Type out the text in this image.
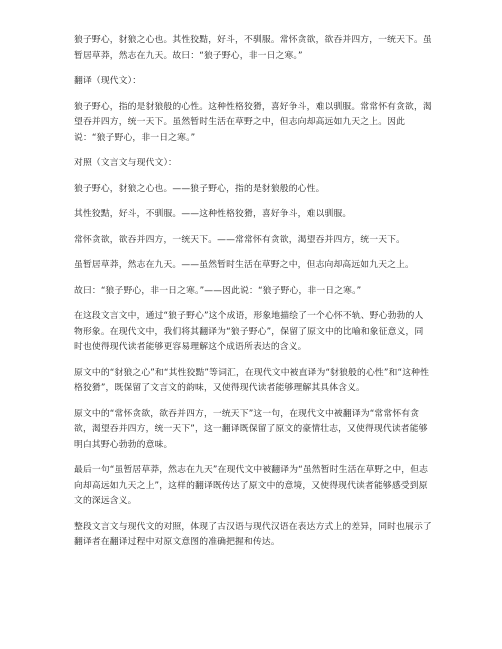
狼子野心，豺狼之心也。其性狡黠，好斗，不驯服。常怀贪欲，欲吞并四方，一统天下。虽暂居草莽，然志在九天。故曰：“狼子野心，非一日之寒。”

翻译（现代文）：

狼子野心，指的是豺狼般的心性。这种性格狡猾，喜好争斗，难以驯服。常常怀有贪欲，渴望吞并四方，统一天下。虽然暂时生活在草野之中，但志向却高远如九天之上。因此说：“狼子野心，非一日之寒。”

对照（文言文与现代文）：

狼子野心，豺狼之心也。——狼子野心，指的是豺狼般的心性。

其性狡黠，好斗，不驯服。——这种性格狡猾，喜好争斗，难以驯服。

常怀贪欲，欲吞并四方，一统天下。——常常怀有贪欲，渴望吞并四方，统一天下。

虽暂居草莽，然志在九天。——虽然暂时生活在草野之中，但志向却高远如九天之上。

故曰：“狼子野心，非一日之寒。”——因此说：“狼子野心，非一日之寒。”

在这段文言文中，通过“狼子野心”这个成语，形象地描绘了一个心怀不轨、野心勃勃的人物形象。在现代文中，我们将其翻译为“狼子野心”，保留了原文中的比喻和象征意义，同时也使得现代读者能够更容易理解这个成语所表达的含义。

原文中的“豺狼之心”和“其性狡黠”等词汇，在现代文中被直译为“豺狼般的心性”和“这种性格狡猾”，既保留了文言文的韵味，又使得现代读者能够理解其具体含义。

原文中的“常怀贪欲，欲吞并四方，一统天下”这一句，在现代文中被翻译为“常常怀有贪欲，渴望吞并四方，统一天下”，这一翻译既保留了原文的豪情壮志，又使得现代读者能够明白其野心勃勃的意味。

最后一句“虽暂居草莽，然志在九天”在现代文中被翻译为“虽然暂时生活在草野之中，但志向却高远如九天之上”，这样的翻译既传达了原文中的意境，又使得现代读者能够感受到原文的深远含义。

整段文言文与现代文的对照，体现了古汉语与现代汉语在表达方式上的差异，同时也展示了翻译者在翻译过程中对原文意图的准确把握和传达。
